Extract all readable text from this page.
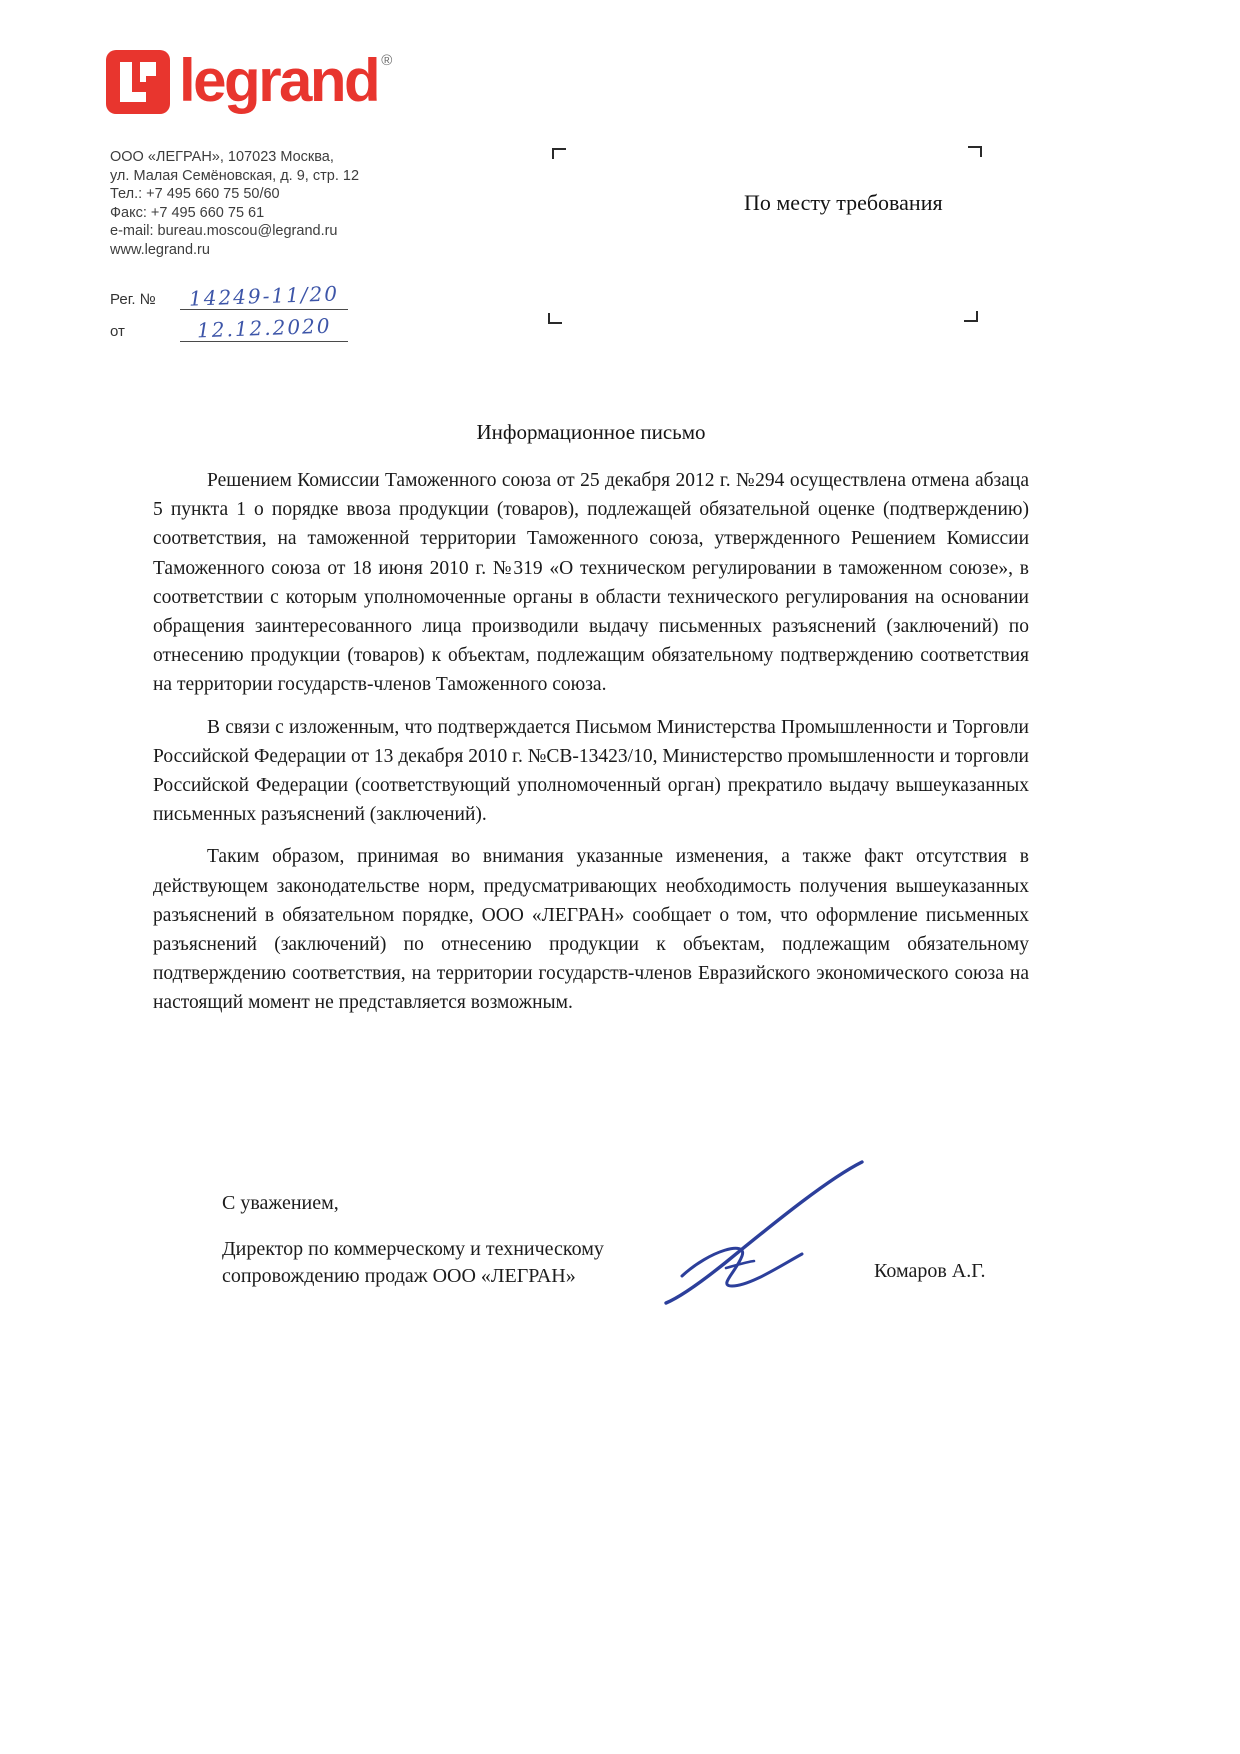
legrand ®
ООО «ЛЕГРАН», 107023 Москва,
ул. Малая Семёновская, д. 9, стр. 12
Тел.: +7 495 660 75 50/60
Факс: +7 495 660 75 61
e-mail: bureau.moscou@legrand.ru
www.legrand.ru
По месту требования
Рег. №	14249-11/20
от	12.12.2020
Информационное письмо

Решением Комиссии Таможенного союза от 25 декабря 2012 г. №294 осуществлена отмена абзаца 5 пункта 1 о порядке ввоза продукции (товаров), подлежащей обязательной оценке (подтверждению) соответствия, на таможенной территории Таможенного союза, утвержденного Решением Комиссии Таможенного союза от 18 июня 2010 г. №319 «О техническом регулировании в таможенном союзе», в соответствии с которым уполномоченные органы в области технического регулирования на основании обращения заинтересованного лица производили выдачу письменных разъяснений (заключений) по отнесению продукции (товаров) к объектам, подлежащим обязательному подтверждению соответствия на территории государств-членов Таможенного союза.

В связи с изложенным, что подтверждается Письмом Министерства Промышленности и Торговли Российской Федерации от 13 декабря 2010 г. №СВ-13423/10, Министерство промышленности и торговли Российской Федерации (соответствующий уполномоченный орган) прекратило выдачу вышеуказанных письменных разъяснений (заключений).

Таким образом, принимая во внимания указанные изменения, а также факт отсутствия в действующем законодательстве норм, предусматривающих необходимость получения вышеуказанных разъяснений в обязательном порядке, ООО «ЛЕГРАН» сообщает о том, что оформление письменных разъяснений (заключений) по отнесению продукции к объектам, подлежащим обязательному подтверждению соответствия, на территории государств-членов Евразийского экономического союза на настоящий момент не представляется возможным.

С уважением,
Директор по коммерческому и техническому
сопровождению продаж ООО «ЛЕГРАН»	Комаров А.Г.
